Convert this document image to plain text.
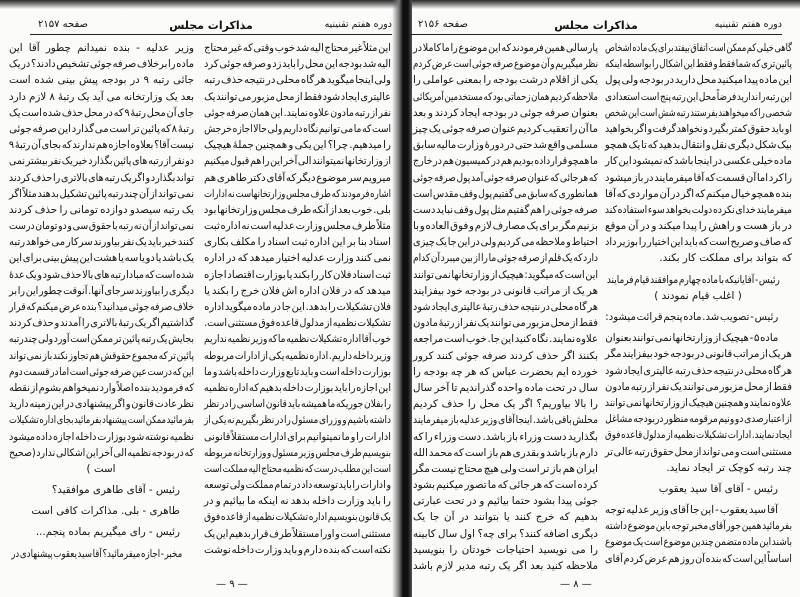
دوره هفتم تقنینیه
مذاکرات مجلس
صفحه ۲۱۵۷
وزیر عدلیه - بنده نمیدانم چطور آقا این
ماده را برخلاف صرفه جوئی تشخیص دادند؟ در یک
جائی رتبه ۹ در بودجه پیش بینی شده است
بعد یک وزارتخانه می آید یک رتبهٔ ۸ لازم دارد
جای آن محل رتبهٔ ۹ که در محل حذف شده است یک
رتبهٔ ۸ که پائین تر است می گذارد این صرفه جوئی
نیست آقا؟ بعلاوه اجازه هم ندارند که بجای آن رتبهٔ ۹
دو نفر از رتبه های پائین بگذارد خیر یک نفر بیشتر نمی
تواند بگذارد و اگر یک رتبه های بالاتری را حذف کردند
نمی تواند از آن چند رتبه پائین تشکیل بدهند مثلاً اگر
یک رتبه سیصدو دوازده تومانی را حذف کردند
نمی تواند از آن نه رتبه با حقوق سی و دو تومان درست
کنند خیر باید یک نفر بیاورند سرکار می خواهد رتبه
یک باشد یا دو یا سه یا هشت این پیش بینی برای این
شده است که مبادا رتبه های بالا حذف شود و یک عدهٔ
دیگری را بیاورند سرجای آنها. آنوقت چطور این را بر
خلاف صرفه جوئی میدانید؟ بنده عرض میکنم که قرار
گذاشتیم اگر یک رتبهٔ بالاتری را آمدند و حذف کردند
بجایش یک رتبه پائین تر ممکن است آورد ولی چندرتبه
پائین تر که مجموع حقوقش هم تجاوز نکند باز نمی تواند
این که درست عین صرفه جوئی است اما در قسمت دوم
که فرمودید بنده اصلاً وارد نمیخواهم بشوم از نقطه
نظر عادت قانون و اگر پیشنهادی در این زمینه دارید
بفرمائید ممکن است پیشنهاد بفرمائید بجای اداره تشکیلات
نظمیه نوشته شود بوزارت داخله اجازه داده میشود
که در بودجه نظمیه الی آخر این اشکالی ندارد (صحیح
است )
رئیس - آقای طاهری موافقید؟
طاهری - بلی. مذاکرات کافی است
رئیس - رای میگیریم بماده پنجم...
مخبر - اجازه میفرمائید؟ آقا سید یعقوب پیشنهادی در
این مثلاً غیر محتاج الیه شد خوب وقتی که غیر محتاج
الیه شد بودجه این محل را باید زد و صرفه جوئی کرد
ولی اینجا میگوید هر گاه محلی در نتیجه حذف رتبه
عالیتری ایجاد شود فقط از محل مزبور می توانند یک
نفر از رتبه مادون علاوه نمایند. این همان صرفه جوئی
است که ما می توانیم نگاه داریم ولی حالا اجازه خرجش
را میدهیم. چرا؟ این یکی و همچنین جملهٔ هیچیک
از وزارتخانها نمیتوانند الی آخر این را هم قبول میکنیم
میرویم سر موضوع دیگر که آقای دکتر طاهری هم
اشاره فرمودند که طرف مجلس وزارتخانهاست نه ادارات
بلی. خوب بعد از آنکه طرف مجلس وزارتخانها بود
مثلاً طرف مجلس وزارت عدلیه است نه اداره ثبت
اسناد بنا بر این اداره ثبت اسناد را مکلف بکاری
نمی کنند وزارت عدلیه اختیار میدهد که در اداره
ثبت اسناد فلان کار را بکند یا بوزارت اقتصاد اجازه
میدهد که در فلان اداره اش فلان خرج را بکند یا
فلان تشکیلات را بدهد. این جا در ماده میگوید اداره
تشکیلات نظمیه از مدلول قاعده فوق مستثنی است.
خوب آقا اداره تشکیلات نظمیه ما که وزیر نظمیه نداریم
وزیر داخله داریم. اداره نظمیه یکی از ادارات مربوطه
بوزارت داخله است و باید تابع وزارت داخله باشد و ما
این اجازه را باید بوزارت داخله بدهیم که اداره نظمیه
را بفلان جوریکه ما همیشه باید قانون اساسی را در نظر
داشته باشیم و وزرای مسئول را در نظر بگیریم نه یکی از
ادارات را و ما نمیتوانیم برای ادارات مستقلاً قانونی
بنویسیم طرف مجلس وزیر مسئول و وزارتخانه مربوطه
است این مطلب درست که نظمیه محتاج الیه مملکت است
و ادارات را باید توسعه داد در تمام مملکت ولی توسعه
را باید وزارت داخله بدهد نه اینکه ما بیائیم و در
یک قانون بنویسیم اداره تشکیلات نظمیه از قاعده فوق
مستثنی است و اورا مستقلاً طرف قرار بدهیم این یک
نکته است که بنده دارم و باید وزارت داخله نوشت
— ۹ —
دوره هفتم تقنینیه
مذاکرات مجلس
صفحه ۲۱۵۶
پارسالی همین فرمودند که این موضوع را ما کاملا در
نظر میگیریم و آن موضوع صرفه جوئی است عرض کردم
یکی از اقلام درشت بودجه را بمعنی عواملی را
ملاحظه کردیم همان زحماتی بود که مستخدمین آمریکائی
بعنوان صرفه جوئی در بودجه ایجاد کردند و بعد
ما آن را تعقیب کردیم عنوان صرفه جوئی یک چیز
مسلمی واقع شد حتی در دورهٔ وزارت مالیه سابق
ما همچو قرارداده بودیم هم در کمیسیون هم در خارج
که هرجائی که عنوان صرفه جوئی آمد پول صرفه جوئی
همانطوری که سابق می گفتیم پول وقف مقدس است
صرفه جوئی را هم گفتیم مثل پول وقف نباید دست
بزنیم مگر برای یک مصارف لازم و فوق العاده و با
احتیاط و ملاحظه می کردیم ولی در این جا یک چیزی
دارد که یک قلم از صرفه جوئی ما را از بین میبرد آن کدام
این است که میگوید: هیچیک از وزارتخانها نمی توانند
هر یک از مراتب قانونی در بودجه خود بیفزایند
هر گاه محلی در نتیجه حذف رتبهٔ عالیتری ایجاد شود
فقط از محل مزبور می توانند یک نفر از رتبهٔ مادون
علاوه نمایند. نگاه کنید این جا. خوب است مراجعه
بکنند اگر حذف کردند صرفه جوئی کنند کرور
خورده ایم بحضرت عباس که هر چه بودجه را
سال در تحت ماده واحده گذراندیم تا آخر سال
را بالا بیاوریم؟ اگر یک محل را حذف کردیم
محلش باقی باشد. اینجا آقای وزیر عدلیه باز میفرمایند
بگذارید دست وزراء باز باشد. دست وزراء را که
دارم باز باشد و بقدری هم باز است که محمد الله
ایران هم باز تر است ولی هیچ محتاج نیست مگر
کرده است که هر جائی که ما تصور میکنیم بشود
جوئی پیدا بشود حتما بیائیم و در تحت عبارتی
بدهیم که خرج کنند یا بتوانند در آن جا یک
دیگری اضافه کنند؟ برای چه؟ اول سال کابینه
را می نویسید احتیاجات خودتان را بنویسید
ملاحظه کنید بعد اگر یک رتبه مدیر لازم باشد
گاهی خیلی کم ممکن است اتفاق بیفتد برای یک ماده اشخاص
پائین‌تری که شما فقط و فقط این اشکال را بواسطه اینکه
این ماده پیدا میکنید محل دارید در بودجه ولی پول
این رتبه‌را ندارید فرضاً محل این رتبه پنج است استعدادی
شخصی را که میخواهند بفرستند رتبه شش است این شخص
او باید حقوق کمتر بگیرد و نخواهد گرفت و اگر بخواهید
بیک شکل دیگری نقل و انتقال بدهید که تا یک همچو
ماده خیلی عکسی در اینجا باشد که نمیشود این کار
را کرد اما آن قسمت که آقا میفرمایند در باز میشود
بنده همچو خیال میکنم که اگر در آن مواردی که آقا
میفرمایند خدای نکرده دولت بخواهد سوء استفاده کند
در باز هست و راهش را پیدا میکند و در آن موقع
که صاف و صریح است که باید این اختیار را بوزیر داد
که بتواند برای مملکت کار بکند.
رئیس - آقایانیکه با ماده چهارم موافقند قیام فرمایند
( اغلب قیام نمودند )
رئیس - تصویب شد. ماده پنجم قرائت میشود:
ماده ۵ - هیچیک از وزارتخانها نمی توانند بعنوان
هر یک از مراتب قانونی در بودجه خود بیفزایند مگر
هر گاه محلی در نتیجه حذف رتبه عالیتری ایجاد شود
فقط از محل مزبور می توانند یک نفر از رتبه مادون
علاوه نمایند و همچنین هیچیک از وزارتخانها نمی توانند
از اعتبارصدی دو ونیم مرقومه منظور دربودجه مشاغل
ایجاد نمایند. ادارات تشکیلات نظمیه از مدلول قاعده فوق
مستثنی است و می تواند از محل حقوق رتبه عالی تر
چند رتبه کوچک تر ایجاد نماید.
رئیس - آقای آقا سید یعقوب
آقا سید یعقوب - این جا آقای وزیر عدلیه توجه
بفرمائید همین جور آقای مخبر توجه باین موضوع داشته
باشند این ماده متضمن چندین موضوع است یک موضوع
اساساً این است که بنده آن روز هم عرض کردم آقای
— ۸ —
